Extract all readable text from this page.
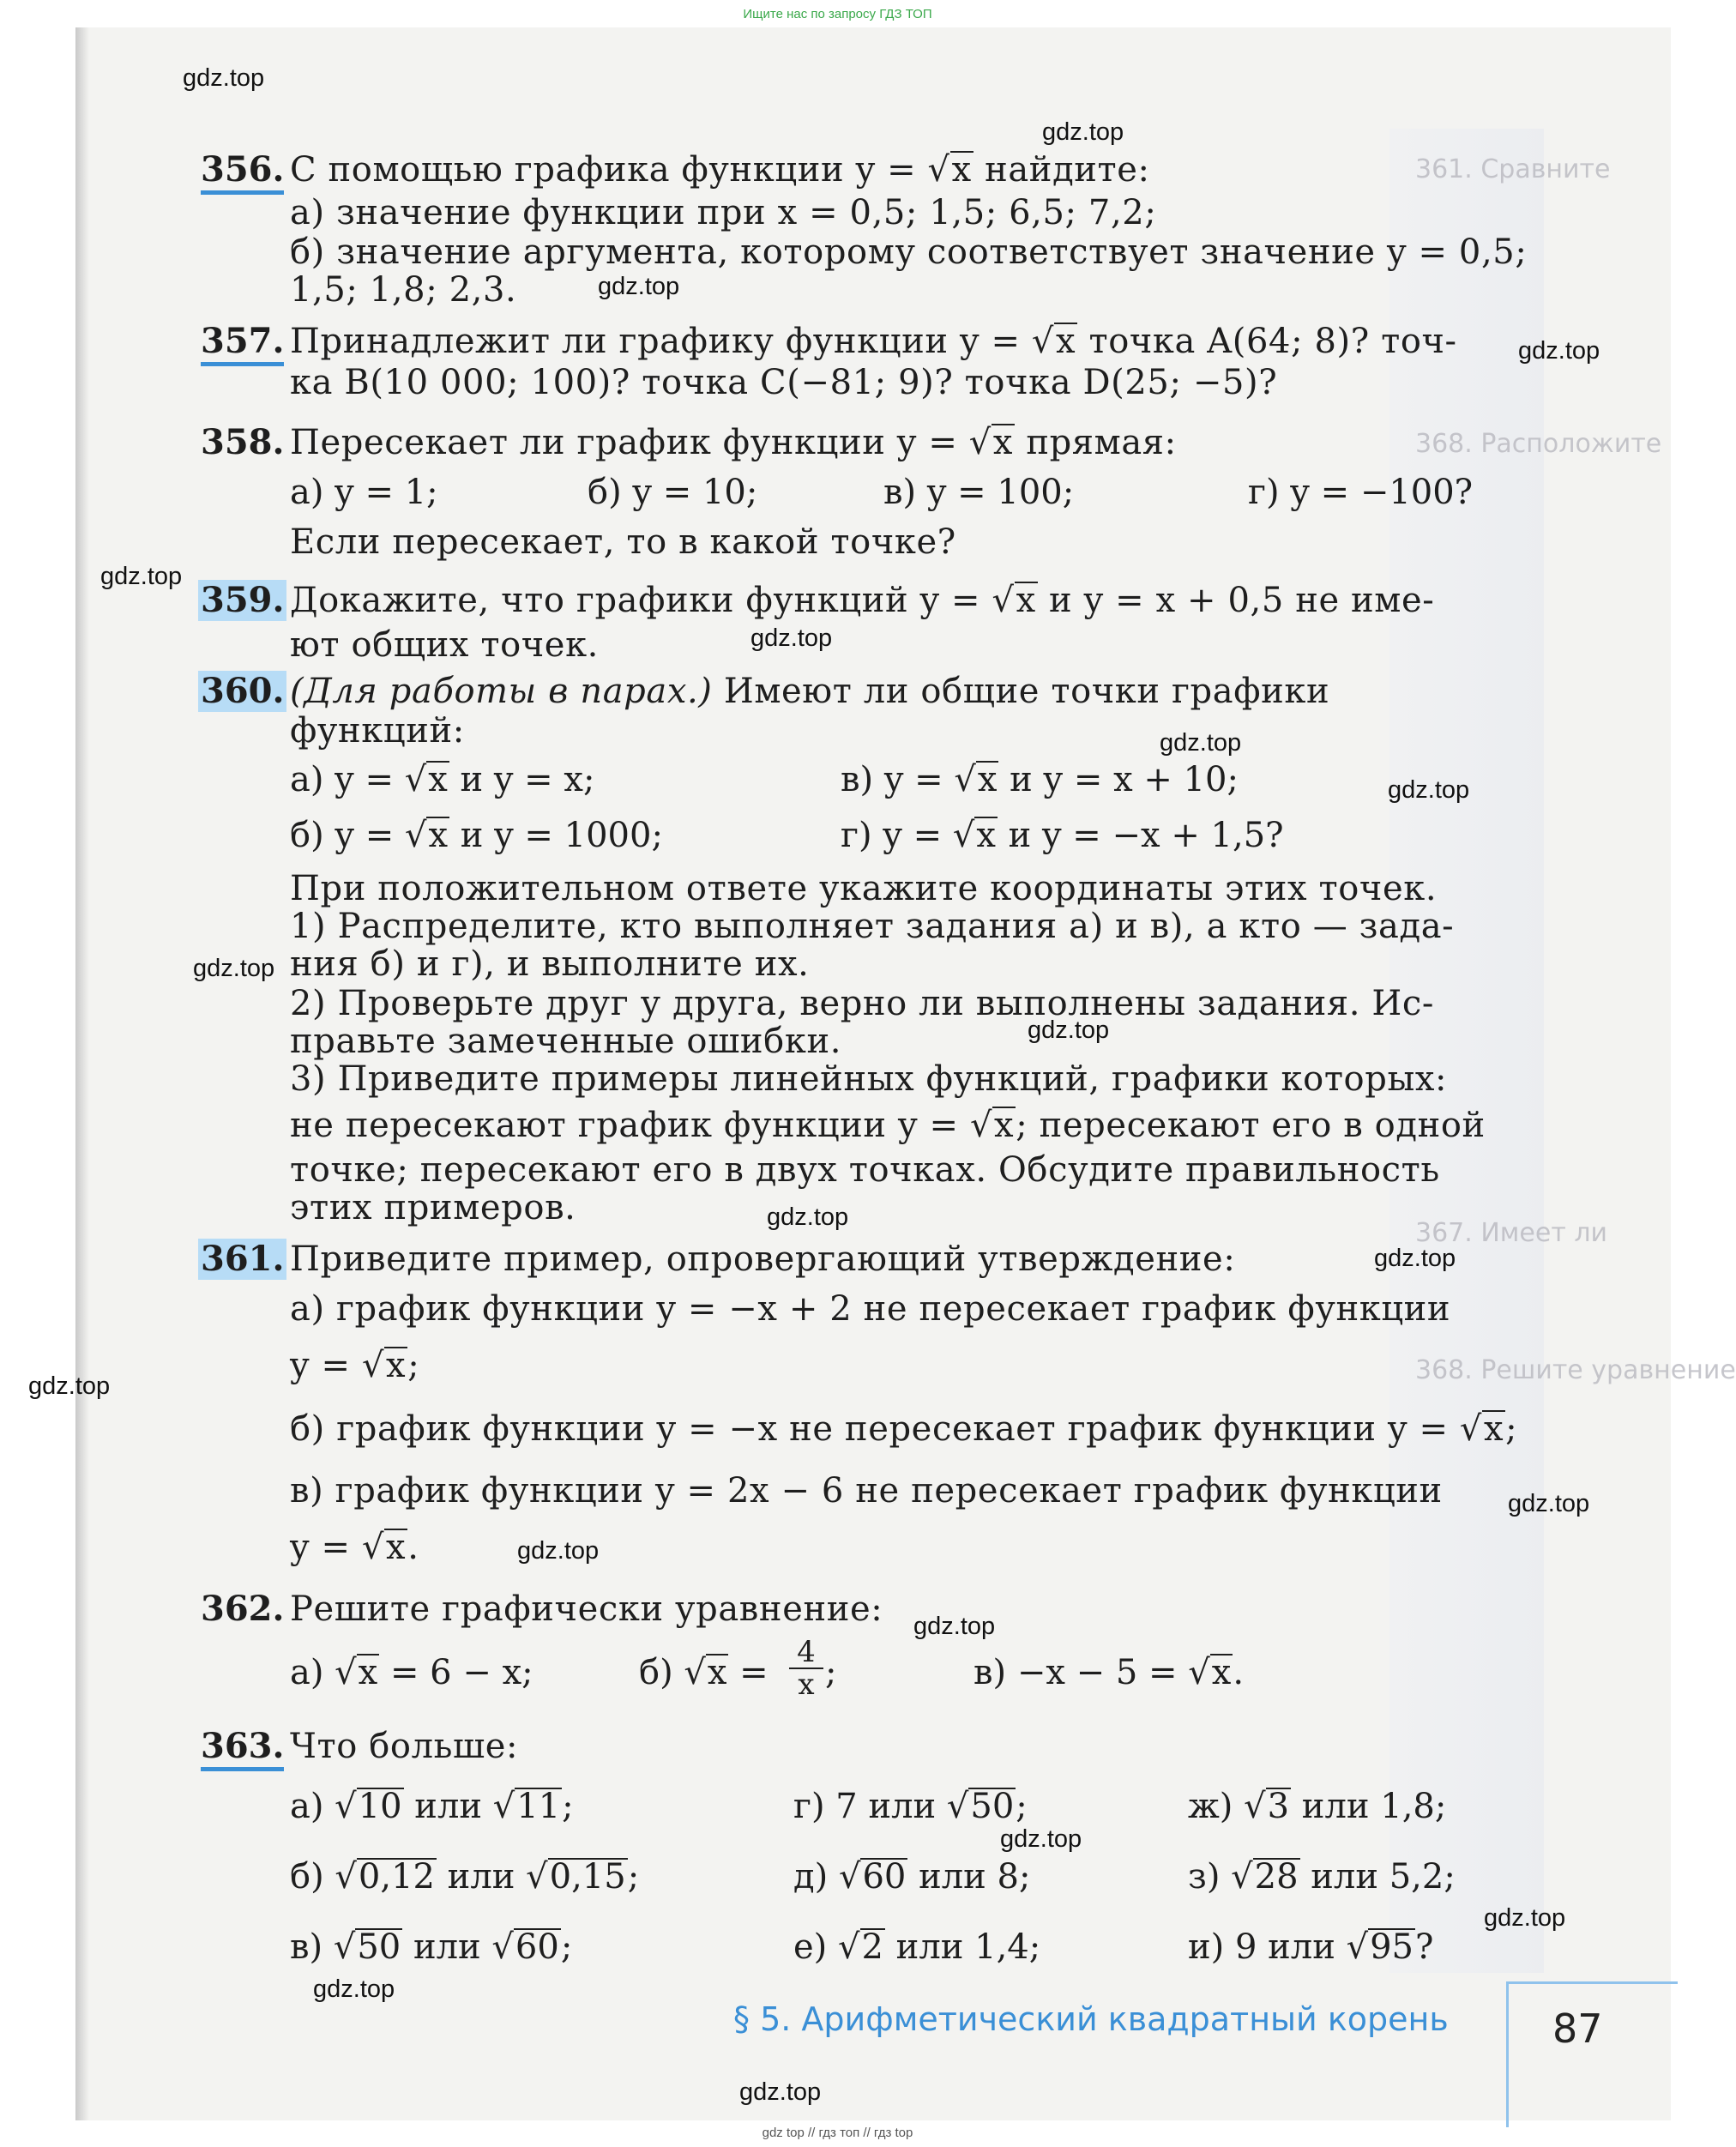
Ищите нас по запросу ГДЗ ТОП
361. Сравните
368. Расположите
367. Имеет ли
368. Решите уравнение
gdz.top
gdz.top
gdz.top
gdz.top
gdz.top
gdz.top
gdz.top
gdz.top
gdz.top
gdz.top
gdz.top
gdz.top
gdz.top
gdz.top
gdz.top
gdz.top
gdz.top
gdz.top
gdz.top
gdz.top
356. С помощью графика функции y = √x найдите:
а) значение функции при x = 0,5; 1,5; 6,5; 7,2;
б) значение аргумента, которому соответствует значение y = 0,5;
1,5; 1,8; 2,3.
357. Принадлежит ли графику функции y = √x точка A(64; 8)? точ-
ка B(10 000; 100)? точка C(−81; 9)? точка D(25; −5)?
358. Пересекает ли график функции y = √x прямая:
а) y = 1;	б) y = 10;	в) y = 100;	г) y = −100?
Если пересекает, то в какой точке?
359. Докажите, что графики функций y = √x и y = x + 0,5 не име-
ют общих точек.
360. (Для работы в парах.) Имеют ли общие точки графики
функций:
а) y = √x и y = x;	в) y = √x и y = x + 10;
б) y = √x и y = 1000;	г) y = √x и y = −x + 1,5?
При положительном ответе укажите координаты этих точек.
1) Распределите, кто выполняет задания а) и в), а кто — зада-
ния б) и г), и выполните их.
2) Проверьте друг у друга, верно ли выполнены задания. Ис-
правьте замеченные ошибки.
3) Приведите примеры линейных функций, графики которых:
не пересекают график функции y = √x; пересекают его в одной
точке; пересекают его в двух точках. Обсудите правильность
этих примеров.
361. Приведите пример, опровергающий утверждение:
а) график функции y = −x + 2 не пересекает график функции
y = √x;
б) график функции y = −x не пересекает график функции y = √x;
в) график функции y = 2x − 6 не пересекает график функции
y = √x.
362. Решите графически уравнение:
а) √x = 6 − x;	б) $√x = \frac{4}{x}$ ;	в) −x − 5 = √x.
363. Что больше:
а) √10 или √11;	г) 7 или √50;	ж) √3 или 1,8;
б) √0,12 или √0,15;	д) √60 или 8;	з) √28 или 5,2;
в) √50 или √60;	е) √2 или 1,4;	и) 9 или √95?
§ 5. Арифметический квадратный корень	87
gdz top // гдз топ // гдз top
